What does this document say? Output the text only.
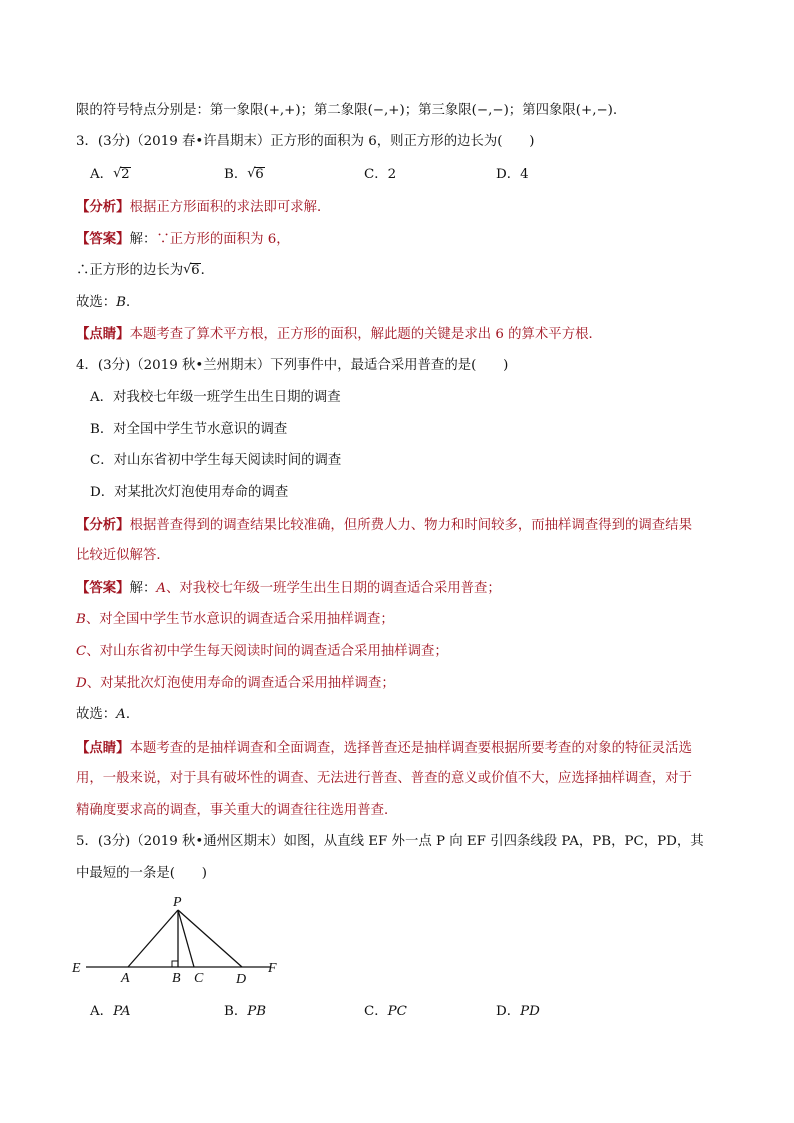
限的符号特点分别是：第一象限(+,+)；第二象限(−,+)；第三象限(−,−)；第四象限(+,−).
3．(3分)（2019 春•许昌期末）正方形的面积为 6，则正方形的边长为(　　)
A． √ 2	B． √ 6	C．2	D．4
【分析】根据正方形面积的求法即可求解．
【答案】解：∵正方形的面积为 6，
∴正方形的边长为 √ 6．
故选：B．
【点睛】本题考查了算术平方根，正方形的面积，解此题的关键是求出 6 的算术平方根．
4．(3分)（2019 秋•兰州期末）下列事件中，最适合采用普查的是(　　)
A．对我校七年级一班学生出生日期的调查
B．对全国中学生节水意识的调查
C．对山东省初中学生每天阅读时间的调查
D．对某批次灯泡使用寿命的调查
【分析】根据普查得到的调查结果比较准确，但所费人力、物力和时间较多，而抽样调查得到的调查结果
比较近似解答．
【答案】解：A、对我校七年级一班学生出生日期的调查适合采用普查；
B、对全国中学生节水意识的调查适合采用抽样调查；
C、对山东省初中学生每天阅读时间的调查适合采用抽样调查；
D、对某批次灯泡使用寿命的调查适合采用抽样调查；
故选：A．
【点睛】本题考查的是抽样调查和全面调查，选择普查还是抽样调查要根据所要考查的对象的特征灵活选
用，一般来说，对于具有破坏性的调查、无法进行普查、普查的意义或价值不大，应选择抽样调查，对于
精确度要求高的调查，事关重大的调查往往选用普查．
5．(3分)（2019 秋•通州区期末）如图，从直线 EF 外一点 P 向 EF 引四条线段 PA，PB，PC，PD，其
中最短的一条是(　　)
P
E
A	B C D
F
A．PA	B．PB	C．PC	D．PD
